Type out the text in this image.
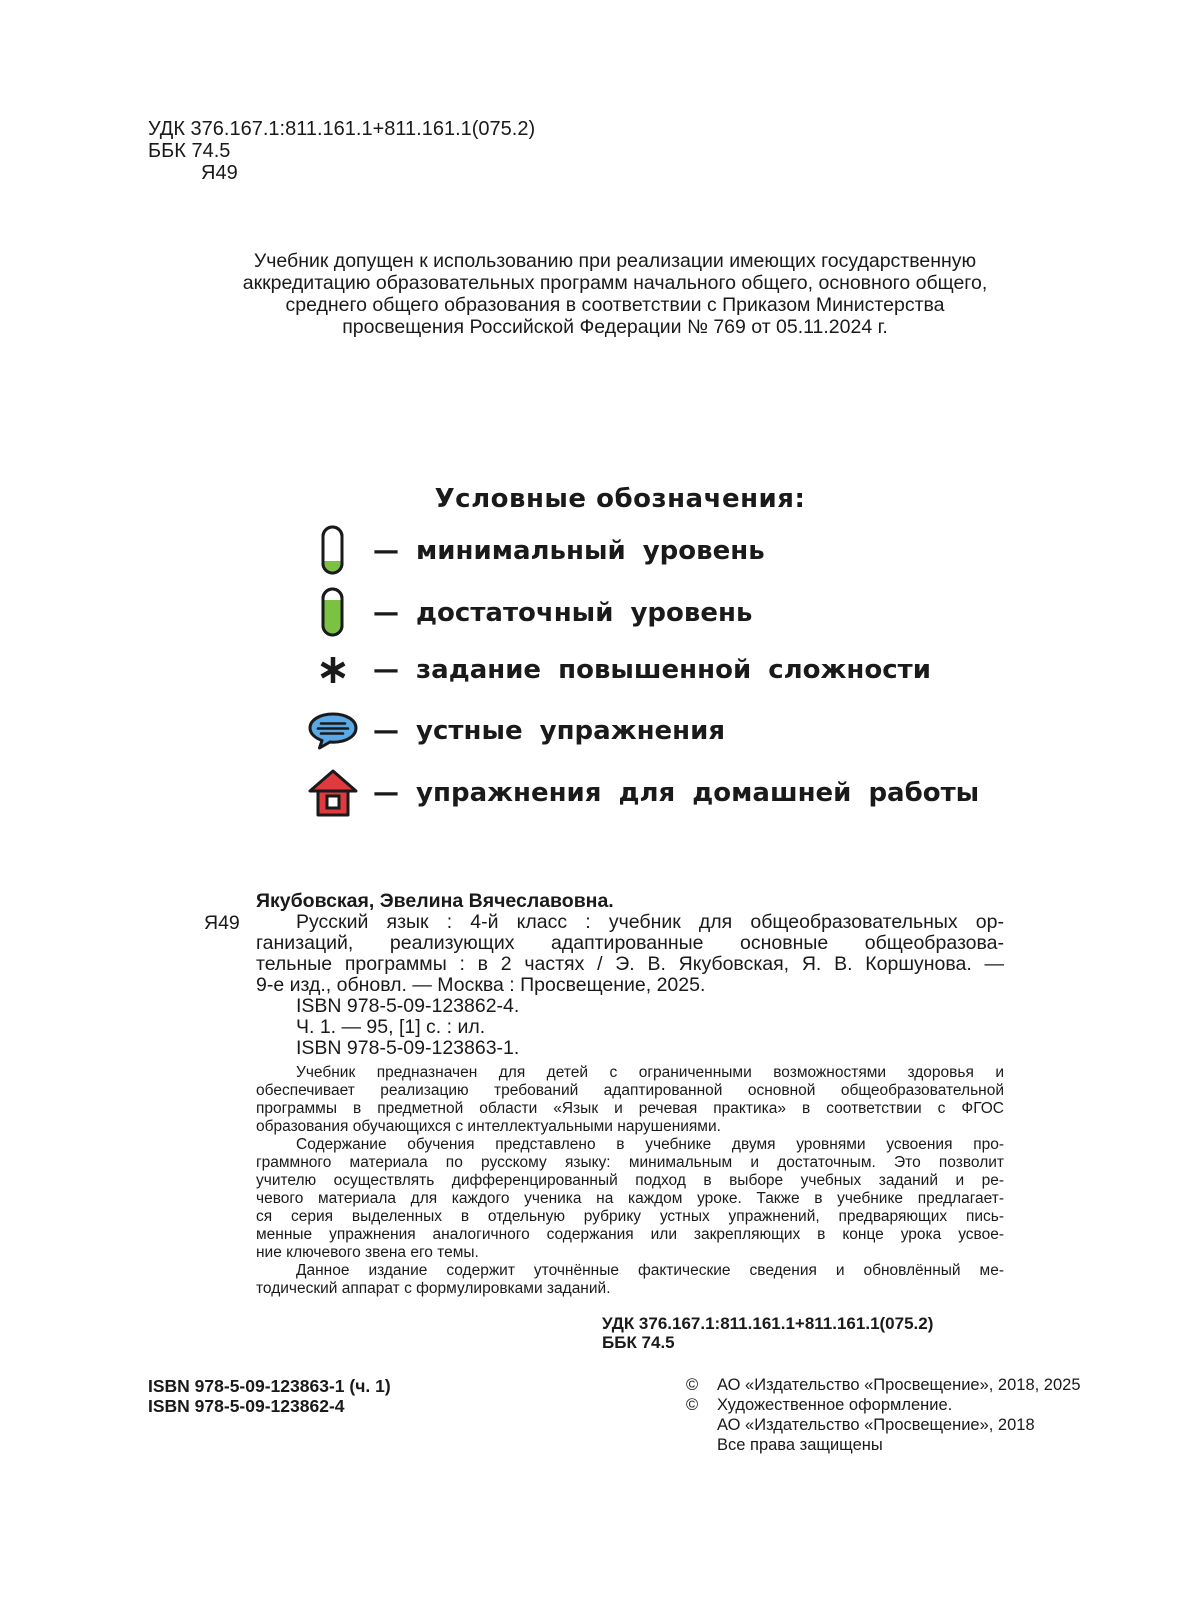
УДК 376.167.1:811.161.1+811.161.1(075.2)
ББК 74.5
Я49
Учебник допущен к использованию при реализации имеющих государственную
аккредитацию образовательных программ начального общего, основного общего,
среднего общего образования в соответствии с Приказом Министерства
просвещения Российской Федерации № 769 от 05.11.2024 г.
Условные обозначения:
— минимальный уровень
— достаточный уровень
— задание повышенной сложности
— устные упражнения
— упражнения для домашней работы
Якубовская, Эвелина Вячеславовна.
Я49	Русский язык : 4-й класс : учебник для общеобразовательных ор-
ганизаций, реализующих адаптированные основные общеобразова-
тельные программы : в 2 частях / Э. В. Якубовская, Я. В. Коршунова. —
9-е изд., обновл. — Москва : Просвещение, 2025.
ISBN 978-5-09-123862-4.
Ч. 1. — 95, [1] с. : ил.
ISBN 978-5-09-123863-1.
Учебник предназначен для детей с ограниченными возможностями здоровья и
обеспечивает реализацию требований адаптированной основной общеобразовательной
программы в предметной области «Язык и речевая практика» в соответствии с ФГОС
образования обучающихся с интеллектуальными нарушениями.
Содержание обучения представлено в учебнике двумя уровнями усвоения про-
граммного материала по русскому языку: минимальным и достаточным. Это позволит
учителю осуществлять дифференцированный подход в выборе учебных заданий и ре-
чевого материала для каждого ученика на каждом уроке. Также в учебнике предлагает-
ся серия выделенных в отдельную рубрику устных упражнений, предваряющих пись-
менные упражнения аналогичного содержания или закрепляющих в конце урока усвое-
ние ключевого звена его темы.
Данное издание содержит уточнённые фактические сведения и обновлённый ме-
тодический аппарат с формулировками заданий.
УДК 376.167.1:811.161.1+811.161.1(075.2)
ББК 74.5
ISBN 978-5-09-123863-1 (ч. 1)
ISBN 978-5-09-123862-4
©	АО «Издательство «Просвещение», 2018, 2025
©	Художественное оформление.
АО «Издательство «Просвещение», 2018
Все права защищены
